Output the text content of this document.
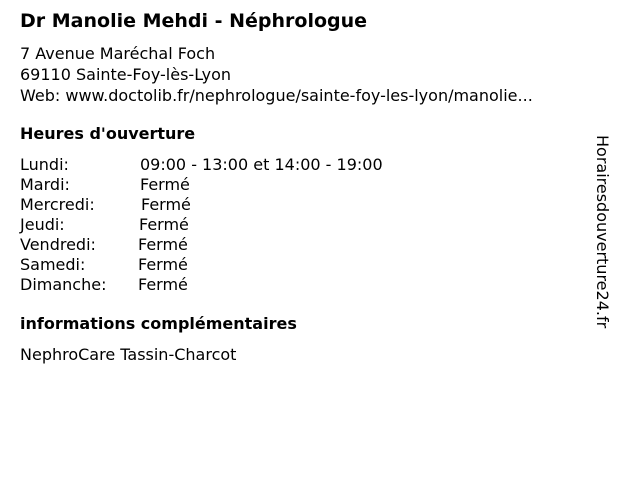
Dr Manolie Mehdi - Néphrologue
7 Avenue Maréchal Foch
69110 Sainte-Foy-lès-Lyon
Web: www.doctolib.fr/nephrologue/sainte-foy-les-lyon/manolie...
Heures d'ouverture
Lundi:	09:00 - 13:00 et 14:00 - 19:00
Mardi:	Fermé
Mercredi:	Fermé
Jeudi:	Fermé
Vendredi:	Fermé
Samedi:	Fermé
Dimanche: Fermé
informations complémentaires
NephroCare Tassin-Charcot
Horairesdouverture24.fr
